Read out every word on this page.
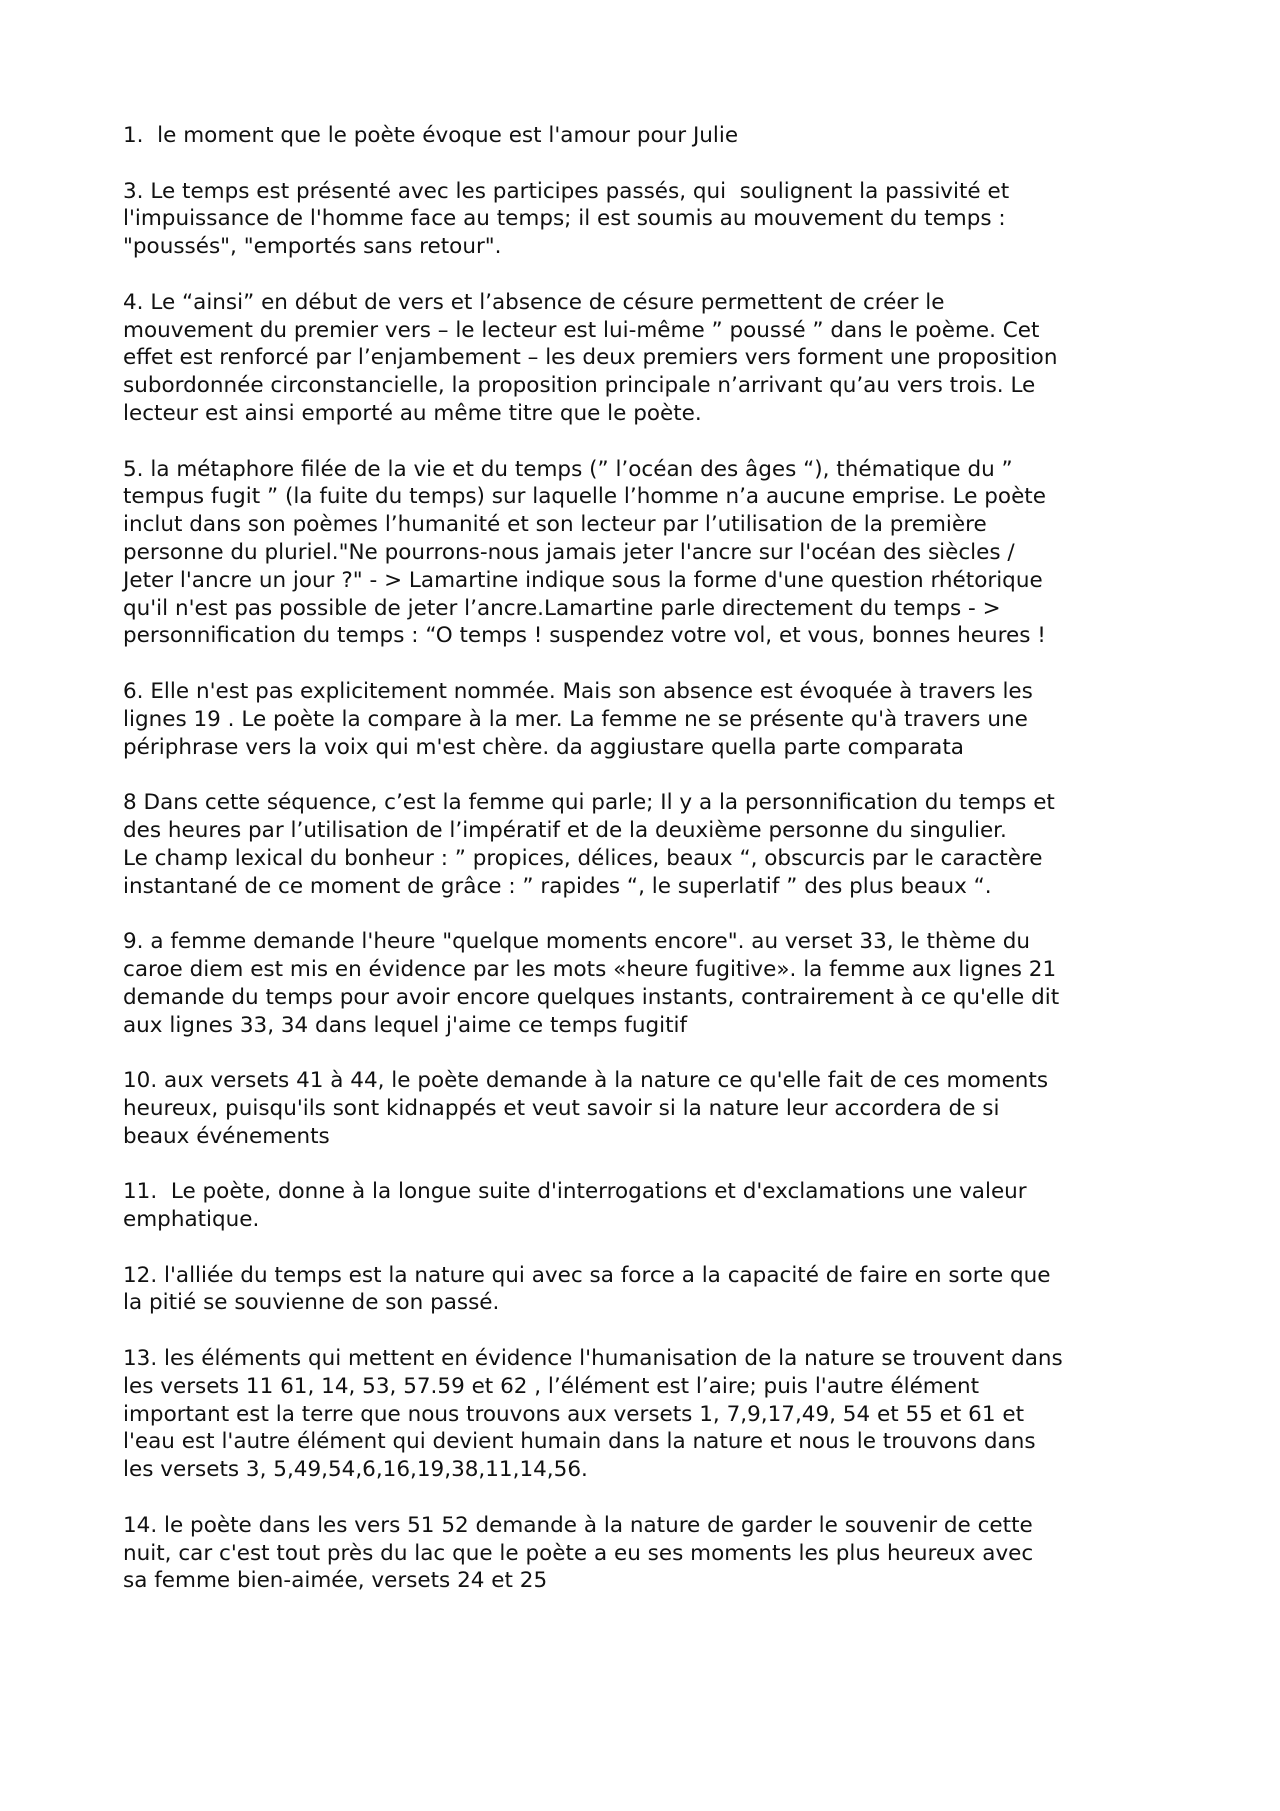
1.  le moment que le poète évoque est l'amour pour Julie

3. Le temps est présenté avec les participes passés, qui  soulignent la passivité et
l'impuissance de l'homme face au temps; il est soumis au mouvement du temps :
"poussés", "emportés sans retour".

4. Le “ainsi” en début de vers et l’absence de césure permettent de créer le
mouvement du premier vers – le lecteur est lui-même ” poussé ” dans le poème. Cet
effet est renforcé par l’enjambement – les deux premiers vers forment une proposition
subordonnée circonstancielle, la proposition principale n’arrivant qu’au vers trois. Le
lecteur est ainsi emporté au même titre que le poète.

5. la métaphore filée de la vie et du temps (” l’océan des âges “), thématique du ”
tempus fugit ” (la fuite du temps) sur laquelle l’homme n’a aucune emprise. Le poète
inclut dans son poèmes l’humanité et son lecteur par l’utilisation de la première
personne du pluriel."Ne pourrons-nous jamais jeter l'ancre sur l'océan des siècles /
Jeter l'ancre un jour ?" - > Lamartine indique sous la forme d'une question rhétorique
qu'il n'est pas possible de jeter l’ancre.Lamartine parle directement du temps - >
personnification du temps : “O temps ! suspendez votre vol, et vous, bonnes heures !

6. Elle n'est pas explicitement nommée. Mais son absence est évoquée à travers les
lignes 19 . Le poète la compare à la mer. La femme ne se présente qu'à travers une
périphrase vers la voix qui m'est chère. da aggiustare quella parte comparata

8 Dans cette séquence, c’est la femme qui parle; Il y a la personnification du temps et
des heures par l’utilisation de l’impératif et de la deuxième personne du singulier.
Le champ lexical du bonheur : ” propices, délices, beaux “, obscurcis par le caractère
instantané de ce moment de grâce : ” rapides “, le superlatif ” des plus beaux “.

9. a femme demande l'heure "quelque moments encore". au verset 33, le thème du
caroe diem est mis en évidence par les mots «heure fugitive». la femme aux lignes 21
demande du temps pour avoir encore quelques instants, contrairement à ce qu'elle dit
aux lignes 33, 34 dans lequel j'aime ce temps fugitif

10. aux versets 41 à 44, le poète demande à la nature ce qu'elle fait de ces moments
heureux, puisqu'ils sont kidnappés et veut savoir si la nature leur accordera de si
beaux événements

11.  Le poète, donne à la longue suite d'interrogations et d'exclamations une valeur
emphatique.

12. l'alliée du temps est la nature qui avec sa force a la capacité de faire en sorte que
la pitié se souvienne de son passé.

13. les éléments qui mettent en évidence l'humanisation de la nature se trouvent dans
les versets 11 61, 14, 53, 57.59 et 62 , l’élément est l’aire; puis l'autre élément
important est la terre que nous trouvons aux versets 1, 7,9,17,49, 54 et 55 et 61 et
l'eau est l'autre élément qui devient humain dans la nature et nous le trouvons dans
les versets 3, 5,49,54,6,16,19,38,11,14,56.

14. le poète dans les vers 51 52 demande à la nature de garder le souvenir de cette
nuit, car c'est tout près du lac que le poète a eu ses moments les plus heureux avec
sa femme bien-aimée, versets 24 et 25
